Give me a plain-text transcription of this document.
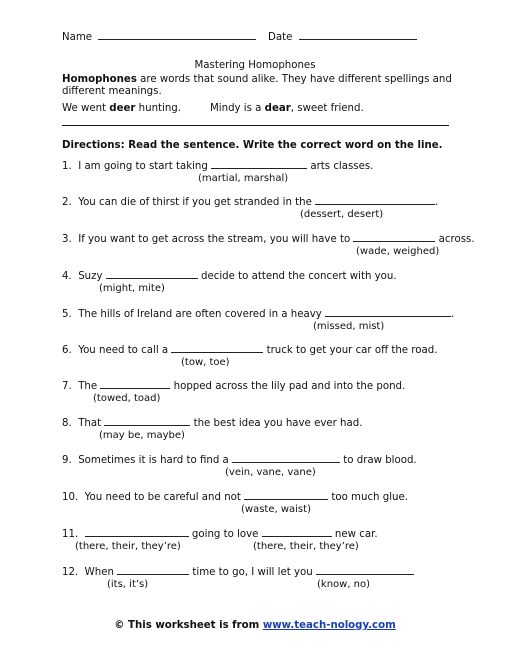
Name	Date
Mastering Homophones
Homophones are words that sound alike. They have different spellings and
different meanings.
We went deer hunting.	Mindy is a dear, sweet friend.
Directions: Read the sentence. Write the correct word on the line.
1.  I am going to start taking	arts classes.
(martial, marshal)
2.  You can die of thirst if you get stranded in the	.
(dessert, desert)
3.  If you want to get across the stream, you will have to	across.
(wade, weighed)
4.  Suzy	decide to attend the concert with you.
(might, mite)
5.  The hills of Ireland are often covered in a heavy	.
(missed, mist)
6.  You need to call a	truck to get your car off the road.
(tow, toe)
7.  The	hopped across the lily pad and into the pond.
(towed, toad)
8.  That	the best idea you have ever had.
(may be, maybe)
9.  Sometimes it is hard to find a	to draw blood.
(vein, vane, vane)
10.  You need to be careful and not	too much glue.
(waste, waist)
11.	going to love	new car.
(there, their, they’re)	(there, their, they’re)
12.  When	time to go, I will let you
(its, it’s)	(know, no)
© This worksheet is from www.teach-nology.com
